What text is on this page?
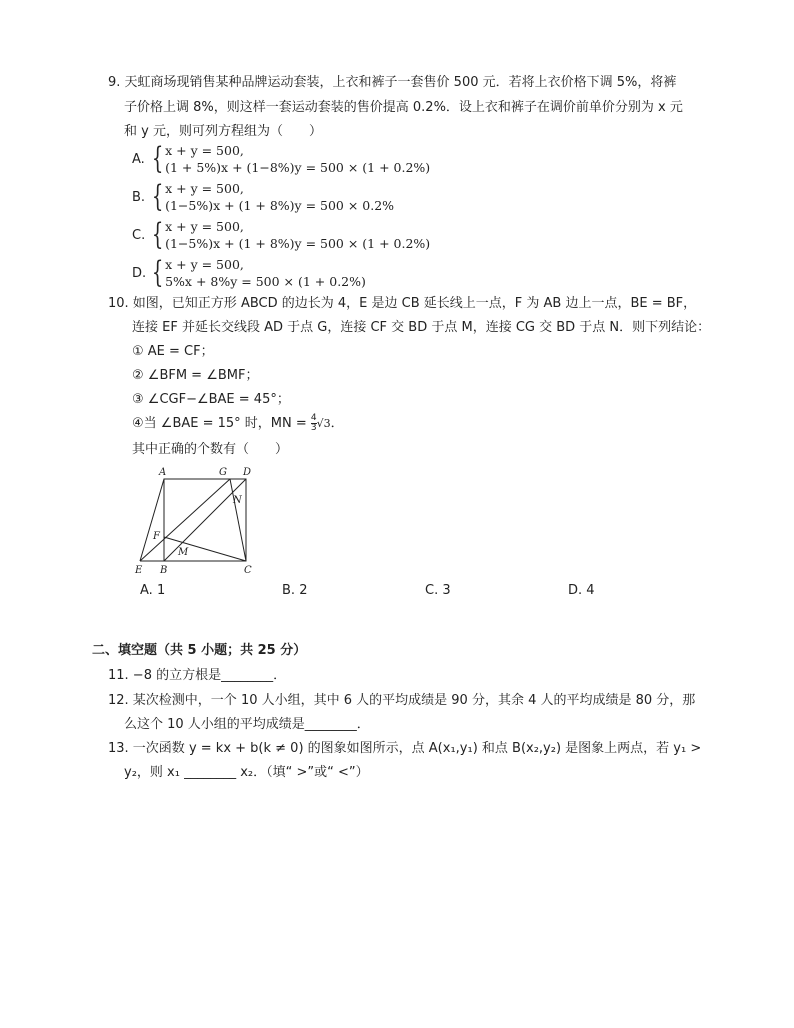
9. 天虹商场现销售某种品牌运动套装，上衣和裤子一套售价 500 元．若将上衣价格下调 5%，将裤
子价格上调 8%，则这样一套运动套装的售价提高 0.2%．设上衣和裤子在调价前单价分别为 x 元
和 y 元，则可列方程组为（　　）
A. { x + y = 500,
(1 + 5%)x + (1−8%)y = 500 × (1 + 0.2%)
B. { x + y = 500,
(1−5%)x + (1 + 8%)y = 500 × 0.2%
C. { x + y = 500,
(1−5%)x + (1 + 8%)y = 500 × (1 + 0.2%)
D. { x + y = 500,
5%x + 8%y = 500 × (1 + 0.2%)
10. 如图，已知正方形 ABCD 的边长为 4，E 是边 CB 延长线上一点，F 为 AB 边上一点，BE = BF，
连接 EF 并延长交线段 AD 于点 G，连接 CF 交 BD 于点 M，连接 CG 交 BD 于点 N．则下列结论：
① AE = CF；
② ∠BFM = ∠BMF；
③ ∠CGF−∠BAE = 45°；
④当 ∠BAE = 15° 时，MN = $\frac{4}{3} √3$．
其中正确的个数有（　　）
A
B	C
D
E
F
G
M
N
A. 1	B. 2	C. 3	D. 4
二、填空题（共 5 小题；共 25 分）
11. −8 的立方根是________．
12. 某次检测中，一个 10 人小组，其中 6 人的平均成绩是 90 分，其余 4 人的平均成绩是 80 分，那
么这个 10 人小组的平均成绩是________．
13. 一次函数 y = kx + b(k ≠ 0) 的图象如图所示，点 A(x₁,y₁) 和点 B(x₂,y₂) 是图象上两点，若 y₁ >
y₂，则 x₁ ________ x₂．（填“ >”或“ <”）
